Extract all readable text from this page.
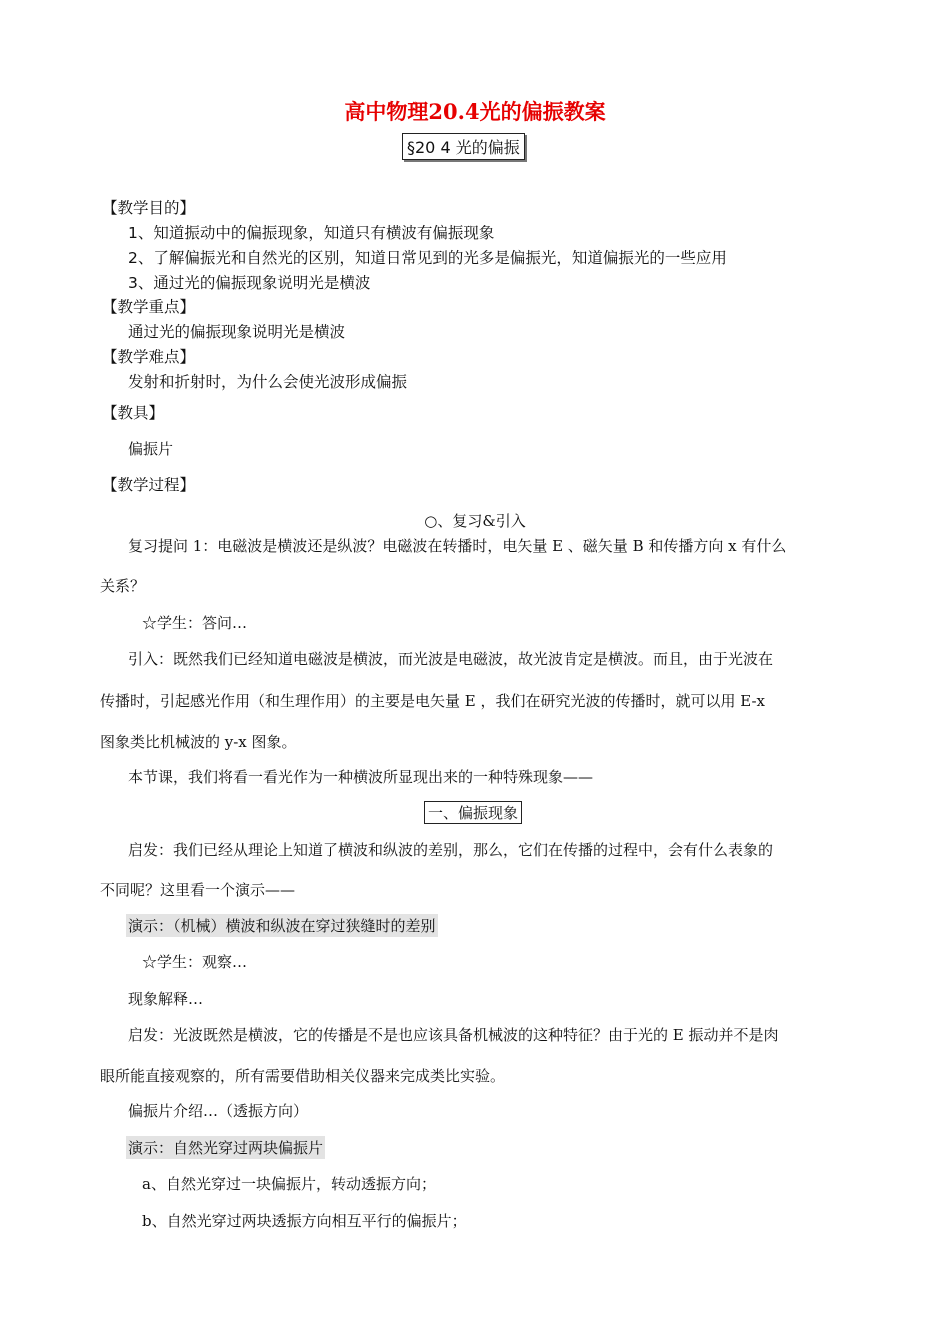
高中物理20.4光的偏振教案
§20 4 光的偏振
【教学目的】
1、知道振动中的偏振现象，知道只有横波有偏振现象
2、了解偏振光和自然光的区别，知道日常见到的光多是偏振光，知道偏振光的一些应用
3、通过光的偏振现象说明光是横波
【教学重点】
通过光的偏振现象说明光是横波
【教学难点】
发射和折射时，为什么会使光波形成偏振
【教具】
偏振片
【教学过程】
○、复习&引入
复习提问 1：电磁波是横波还是纵波？电磁波在转播时，电矢量 E 、磁矢量 B 和传播方向 x 有什么
关系？
☆学生：答问…
引入：既然我们已经知道电磁波是横波，而光波是电磁波，故光波肯定是横波。而且，由于光波在
传播时，引起感光作用（和生理作用）的主要是电矢量 E ，我们在研究光波的传播时，就可以用 E-x
图象类比机械波的 y-x 图象。
本节课，我们将看一看光作为一种横波所显现出来的一种特殊现象——
一、偏振现象
启发：我们已经从理论上知道了横波和纵波的差别，那么，它们在传播的过程中，会有什么表象的
不同呢？这里看一个演示——
演示：（机械）横波和纵波在穿过狭缝时的差别
☆学生：观察…
现象解释…
启发：光波既然是横波，它的传播是不是也应该具备机械波的这种特征？由于光的 E 振动并不是肉
眼所能直接观察的，所有需要借助相关仪器来完成类比实验。
偏振片介绍…（透振方向）
演示：自然光穿过两块偏振片
a、自然光穿过一块偏振片，转动透振方向；
b、自然光穿过两块透振方向相互平行的偏振片；
